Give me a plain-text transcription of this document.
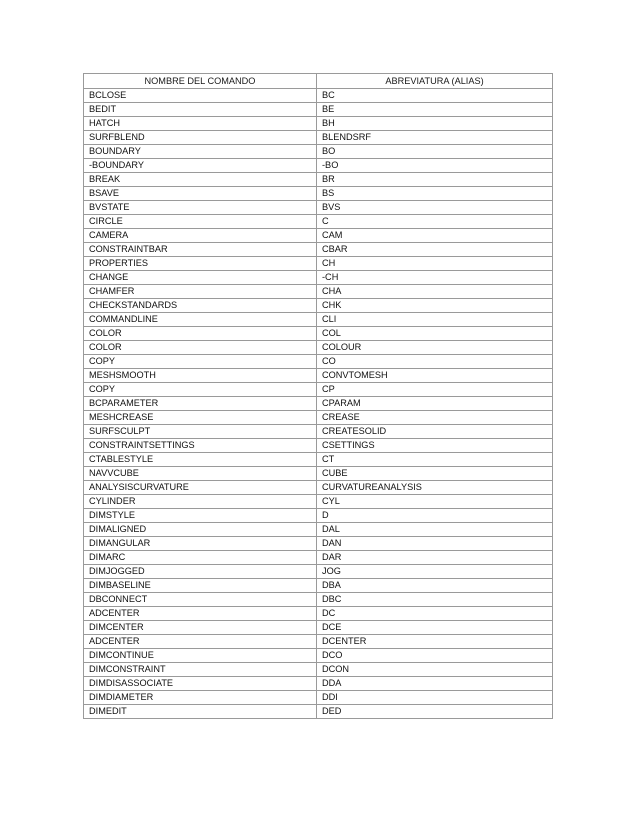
NOMBRE DEL COMANDO	ABREVIATURA (ALIAS)
BCLOSE	BC
BEDIT	BE
HATCH	BH
SURFBLEND	BLENDSRF
BOUNDARY	BO
-BOUNDARY	-BO
BREAK	BR
BSAVE	BS
BVSTATE	BVS
CIRCLE	C
CAMERA	CAM
CONSTRAINTBAR	CBAR
PROPERTIES	CH
CHANGE	-CH
CHAMFER	CHA
CHECKSTANDARDS	CHK
COMMANDLINE	CLI
COLOR	COL
COLOR	COLOUR
COPY	CO
MESHSMOOTH	CONVTOMESH
COPY	CP
BCPARAMETER	CPARAM
MESHCREASE	CREASE
SURFSCULPT	CREATESOLID
CONSTRAINTSETTINGS	CSETTINGS
CTABLESTYLE	CT
NAVVCUBE	CUBE
ANALYSISCURVATURE	CURVATUREANALYSIS
CYLINDER	CYL
DIMSTYLE	D
DIMALIGNED	DAL
DIMANGULAR	DAN
DIMARC	DAR
DIMJOGGED	JOG
DIMBASELINE	DBA
DBCONNECT	DBC
ADCENTER	DC
DIMCENTER	DCE
ADCENTER	DCENTER
DIMCONTINUE	DCO
DIMCONSTRAINT	DCON
DIMDISASSOCIATE	DDA
DIMDIAMETER	DDI
DIMEDIT	DED
